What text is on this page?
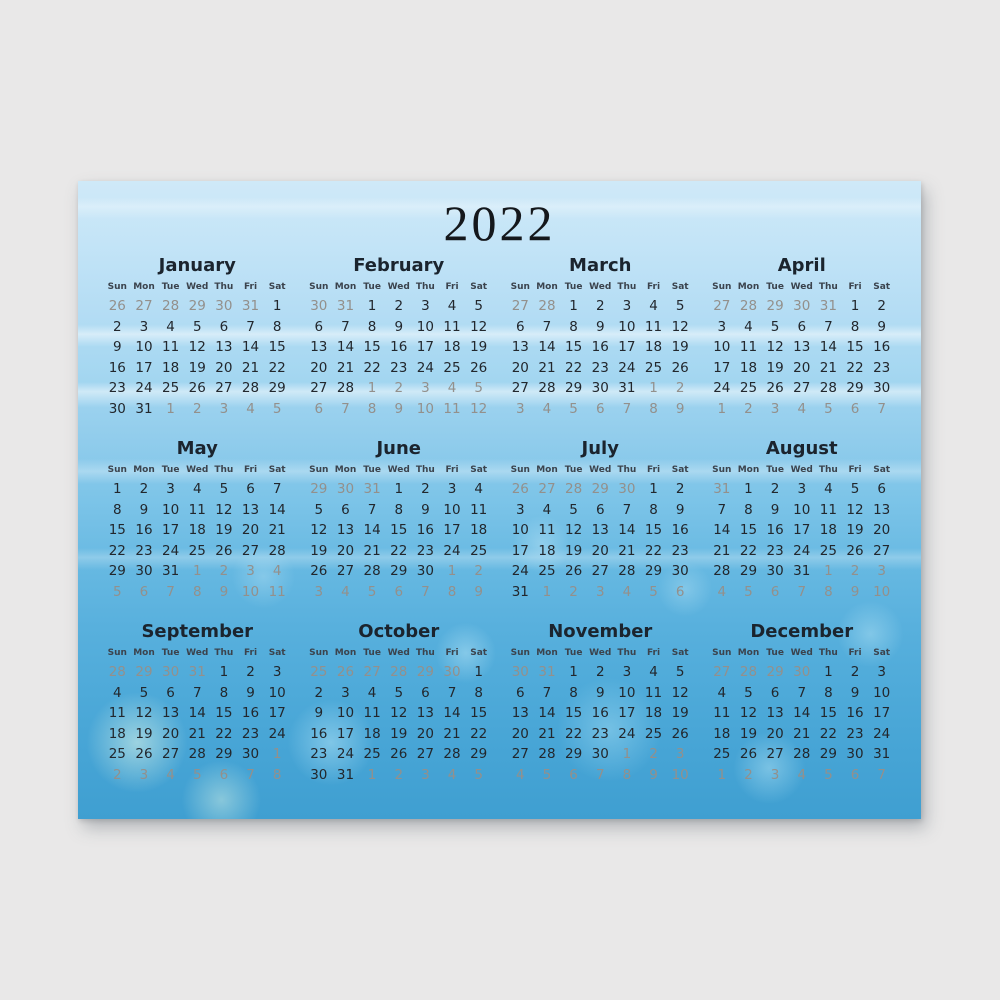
2022
January
Sun Mon Tue Wed Thu	Fri	Sat
26 27 28 29 30 31	1
2	3	4	5	6	7	8
9	10 11 12 13 14 15
16 17 18 19 20 21 22
23 24 25 26 27 28 29
30 31	1	2	3	4	5
February
Sun Mon Tue Wed Thu	Fri	Sat
30 31	1	2	3	4	5
6	7	8	9	10 11 12
13 14 15 16 17 18 19
20 21 22 23 24 25 26
27 28	1	2	3	4	5
6	7	8	9	10 11 12
March
Sun Mon Tue Wed Thu	Fri	Sat
27 28	1	2	3	4	5
6	7	8	9	10 11 12
13 14 15 16 17 18 19
20 21 22 23 24 25 26
27 28 29 30 31	1	2
3	4	5	6	7	8	9
April
Sun Mon Tue Wed Thu	Fri	Sat
27 28 29 30 31	1	2
3	4	5	6	7	8	9
10 11 12 13 14 15 16
17 18 19 20 21 22 23
24 25 26 27 28 29 30
1	2	3	4	5	6	7
May
Sun Mon Tue Wed Thu	Fri	Sat
1	2	3	4	5	6	7
8	9	10 11 12 13 14
15 16 17 18 19 20 21
22 23 24 25 26 27 28
29 30 31	1	2	3	4
5	6	7	8	9	10 11
June
Sun Mon Tue Wed Thu	Fri	Sat
29 30 31	1	2	3	4
5	6	7	8	9	10 11
12 13 14 15 16 17 18
19 20 21 22 23 24 25
26 27 28 29 30	1	2
3	4	5	6	7	8	9
July
Sun Mon Tue Wed Thu	Fri	Sat
26 27 28 29 30	1	2
3	4	5	6	7	8	9
10 11 12 13 14 15 16
17 18 19 20 21 22 23
24 25 26 27 28 29 30
31	1	2	3	4	5	6
August
Sun Mon Tue Wed Thu	Fri	Sat
31	1	2	3	4	5	6
7	8	9	10 11 12 13
14 15 16 17 18 19 20
21 22 23 24 25 26 27
28 29 30 31	1	2	3
4	5	6	7	8	9	10
September
Sun Mon Tue Wed Thu	Fri	Sat
28 29 30 31	1	2	3
4	5	6	7	8	9	10
11 12 13 14 15 16 17
18 19 20 21 22 23 24
25 26 27 28 29 30	1
2	3	4	5	6	7	8
October
Sun Mon Tue Wed Thu	Fri	Sat
25 26 27 28 29 30	1
2	3	4	5	6	7	8
9	10 11 12 13 14 15
16 17 18 19 20 21 22
23 24 25 26 27 28 29
30 31	1	2	3	4	5
November
Sun Mon Tue Wed Thu	Fri	Sat
30 31	1	2	3	4	5
6	7	8	9	10 11 12
13 14 15 16 17 18 19
20 21 22 23 24 25 26
27 28 29 30	1	2	3
4	5	6	7	8	9	10
December
Sun Mon Tue Wed Thu	Fri	Sat
27 28 29 30	1	2	3
4	5	6	7	8	9	10
11 12 13 14 15 16 17
18 19 20 21 22 23 24
25 26 27 28 29 30 31
1	2	3	4	5	6	7
